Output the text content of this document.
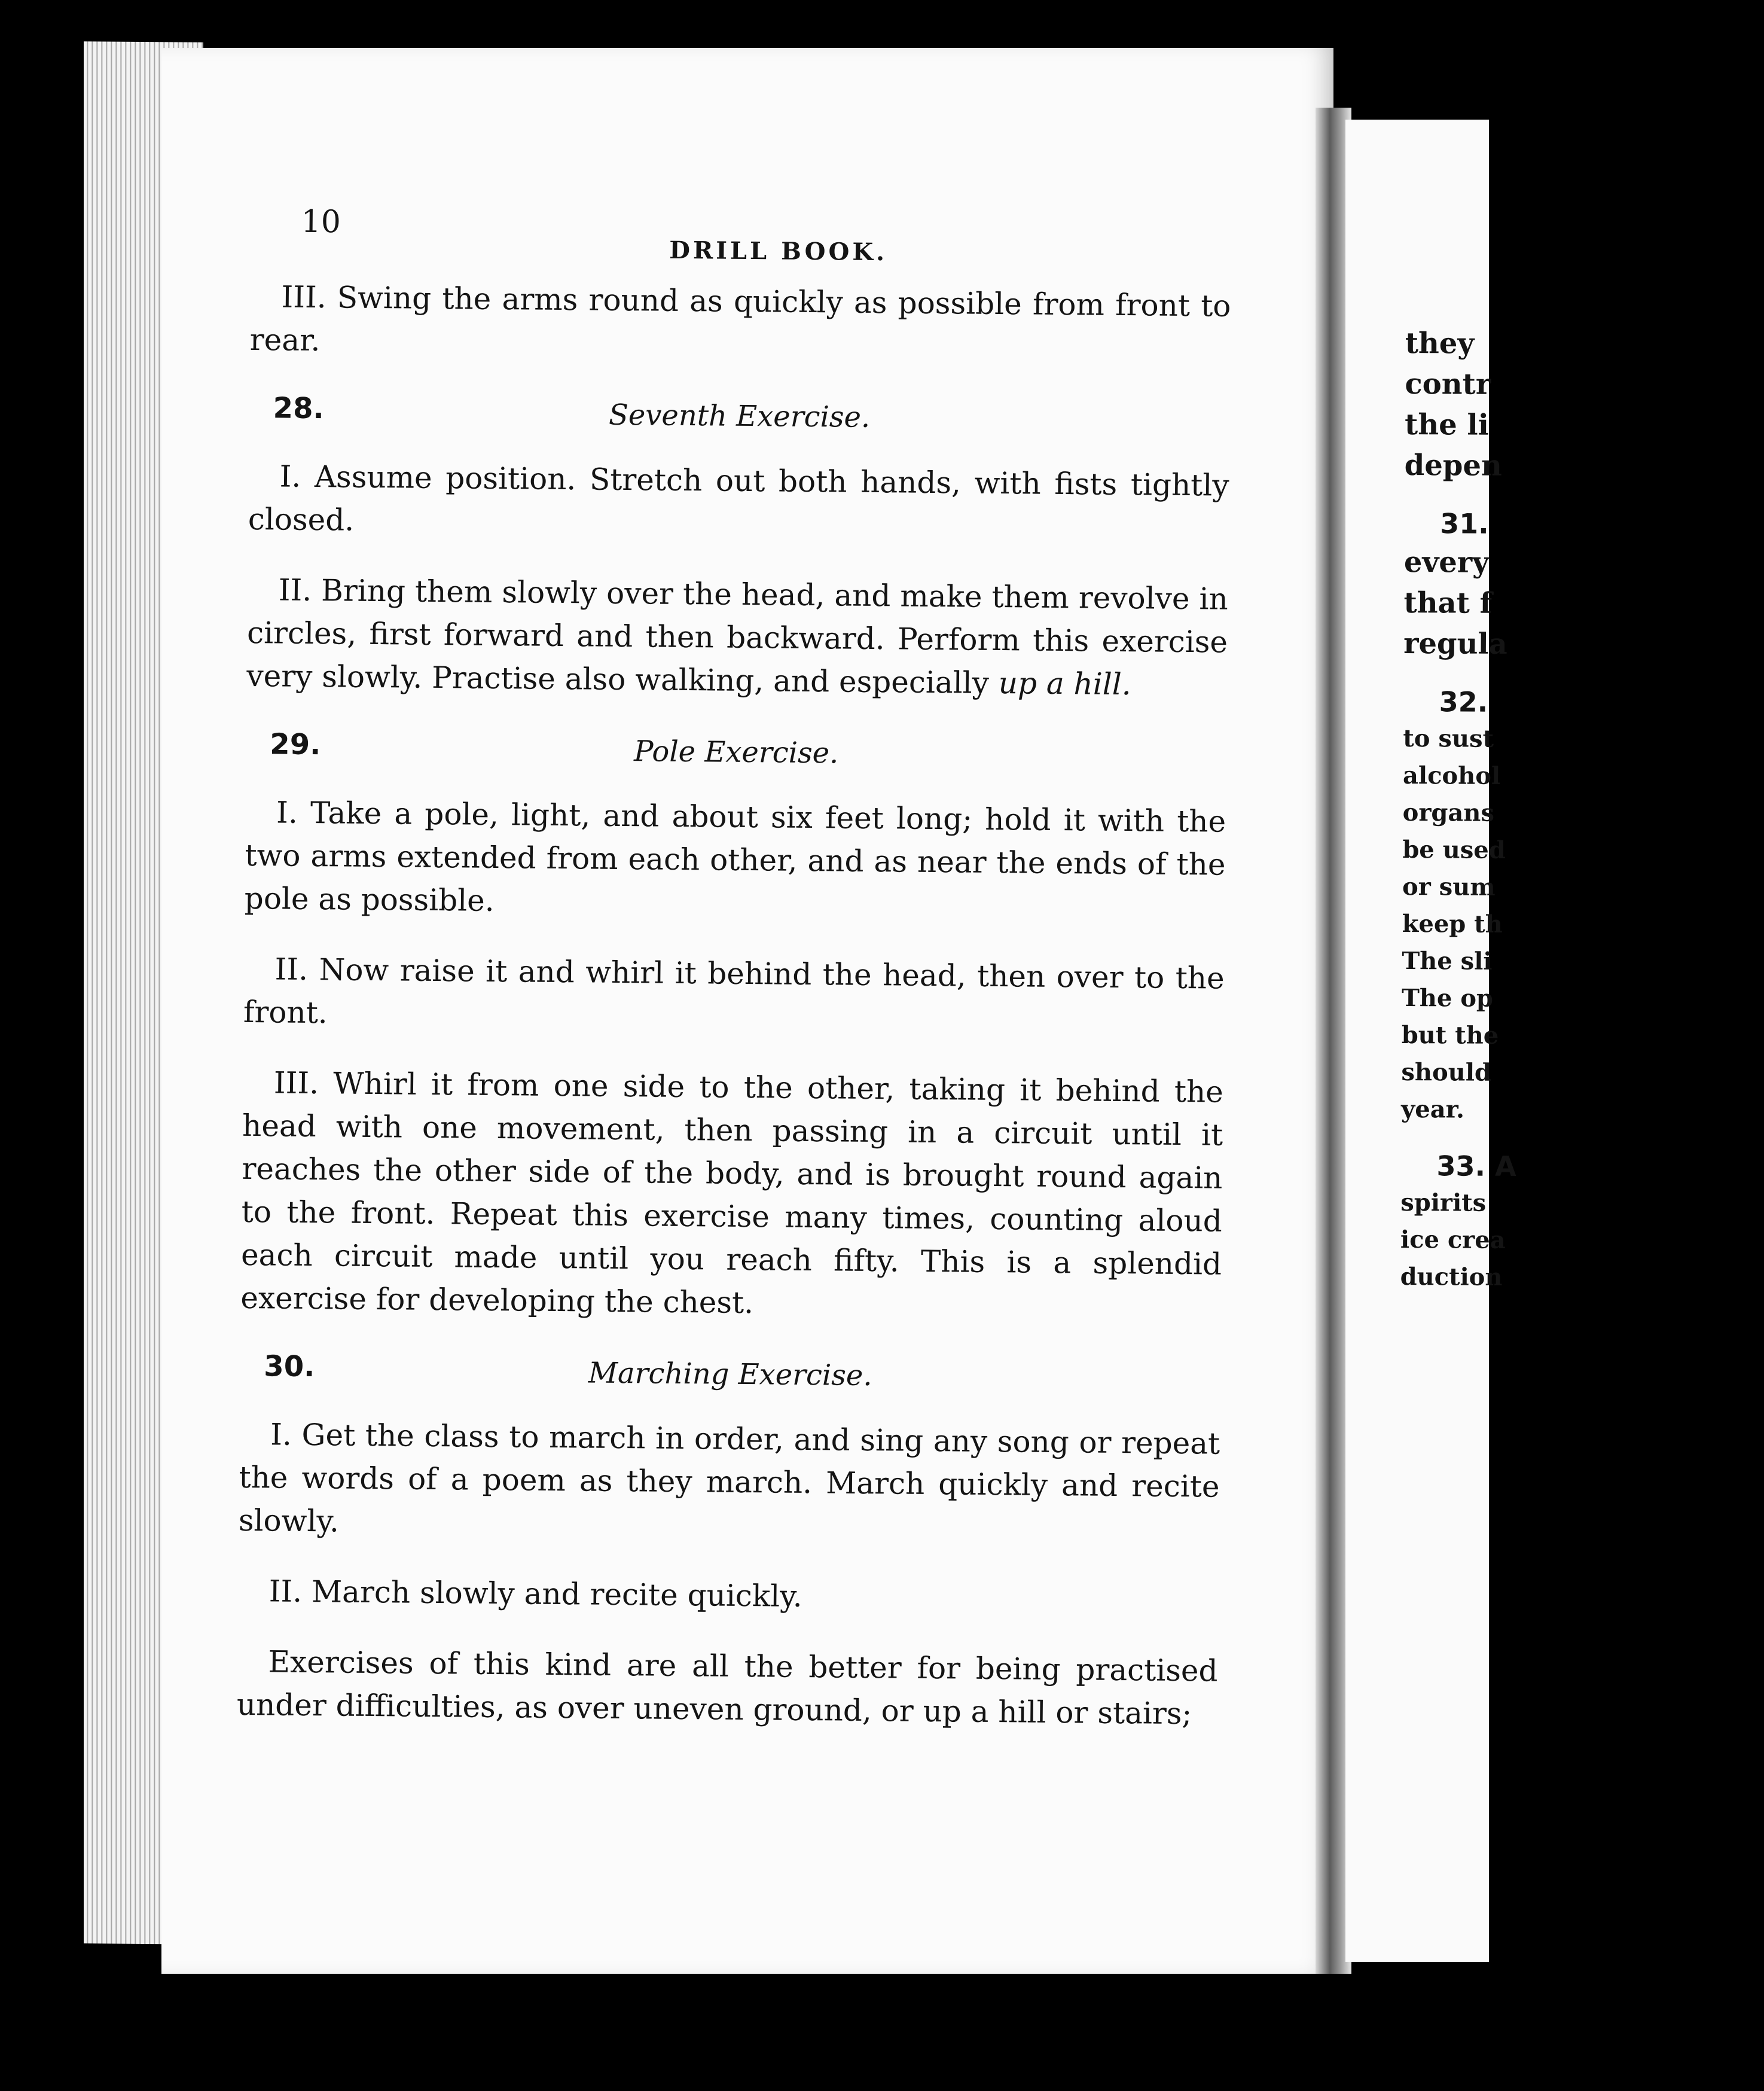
they
contr
the li
depen
31.
every
that f
regula
32.
to sust
alcohol
organs
be used
or sum
keep th
The sli
The op
but the
should
year.
33. A
spirits
ice crea
duction
10
DRILL BOOK.

III. Swing the arms round as quickly as possible from front to rear.

28.	Seventh Exercise.

I. Assume position. Stretch out both hands, with fists tightly closed.

II. Bring them slowly over the head, and make them revolve in circles, first forward and then backward. Perform this exercise very slowly. Practise also walking, and especially up a hill.

29.	Pole Exercise.

I. Take a pole, light, and about six feet long; hold it with the two arms extended from each other, and as near the ends of the pole as possible.

II. Now raise it and whirl it behind the head, then over to the front.

III. Whirl it from one side to the other, taking it behind the head with one movement, then passing in a circuit until it reaches the other side of the body, and is brought round again to the front. Repeat this exercise many times, counting aloud each circuit made until you reach fifty. This is a splendid exercise for developing the chest.

30.	Marching Exercise.

I. Get the class to march in order, and sing any song or repeat the words of a poem as they march. March quickly and recite slowly.

II. March slowly and recite quickly.

Exercises of this kind are all the better for being practised under difficulties, as over uneven ground, or up a hill or stairs;
